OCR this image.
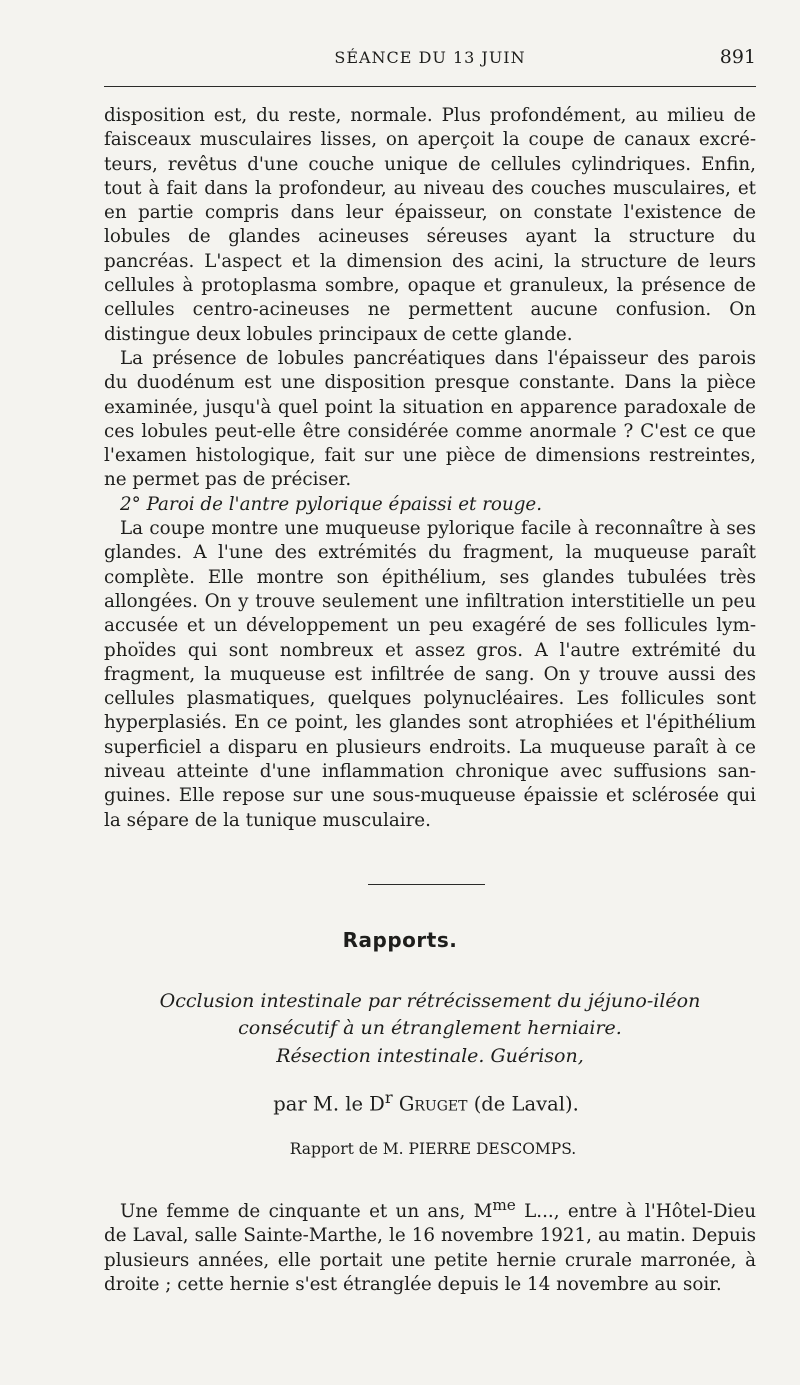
SÉANCE DU 13 JUIN	891

disposition est, du reste, normale. Plus profondément, au milieu de faisceaux musculaires lisses, on aperçoit la coupe de canaux excré- teurs, revêtus d'une couche unique de cellules cylindriques. Enfin, tout à fait dans la profondeur, au niveau des couches musculaires, et en partie compris dans leur épaisseur, on constate l'existence de lobules de glandes acineuses séreuses ayant la structure du pancréas. L'aspect et la dimension des acini, la structure de leurs cellules à protoplasma sombre, opaque et granuleux, la présence de cellules centro-acineuses ne permettent aucune confusion. On distingue deux lobules principaux de cette glande.

La présence de lobules pancréatiques dans l'épaisseur des parois du duodénum est une disposition presque constante. Dans la pièce examinée, jusqu'à quel point la situation en apparence paradoxale de ces lobules peut-elle être considérée comme anormale ? C'est ce que l'examen histologique, fait sur une pièce de dimensions restreintes, ne permet pas de préciser.

2° Paroi de l'antre pylorique épaissi et rouge.

La coupe montre une muqueuse pylorique facile à reconnaître à ses glandes. A l'une des extrémités du fragment, la muqueuse paraît complète. Elle montre son épithélium, ses glandes tubulées très allongées. On y trouve seulement une infiltration interstitielle un peu accusée et un développement un peu exagéré de ses follicules lym- phoïdes qui sont nombreux et assez gros. A l'autre extrémité du fragment, la muqueuse est infiltrée de sang. On y trouve aussi des cellules plasmatiques, quelques polynucléaires. Les follicules sont hyperplasiés. En ce point, les glandes sont atrophiées et l'épithélium superficiel a disparu en plusieurs endroits. La muqueuse paraît à ce niveau atteinte d'une inflammation chronique avec suffusions san- guines. Elle repose sur une sous-muqueuse épaissie et sclérosée qui la sépare de la tunique musculaire.

Rapports.
Occlusion intestinale par rétrécissement du jéjuno-iléon
consécutif à un étranglement herniaire.
Résection intestinale. Guérison,
par M. le $D^r$ Gruget (de Laval).
Rapport de M. PIERRE DESCOMPS.

Une femme de cinquante et un ans, $M^{me}$ L..., entre à l'Hôtel-Dieu de Laval, salle Sainte-Marthe, le 16 novembre 1921, au matin. Depuis plusieurs années, elle portait une petite hernie crurale marronée, à droite ; cette hernie s'est étranglée depuis le 14 novembre au soir.
